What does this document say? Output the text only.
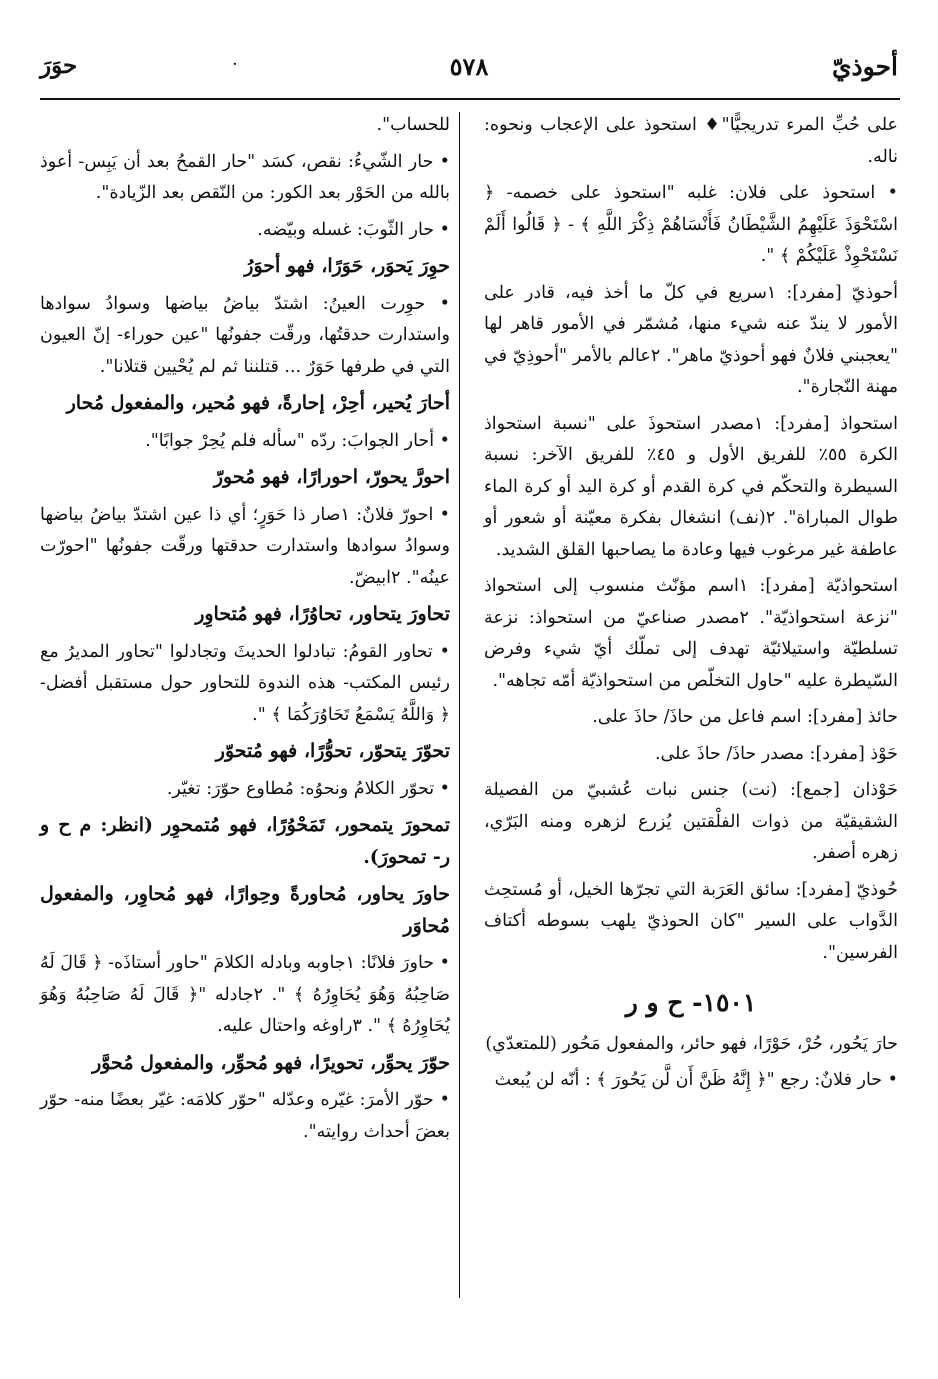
أحوذيّ
٥٧٨
·
حوَرَ

على حُبِّ المرء تدريجيًّا"♦ استحوذ على الإعجاب ونحوه: ناله.

• استحوذ على فلان: غلبه "استحوذ على خصمه- ﴿ اسْتَحْوَذَ عَلَيْهِمُ الشَّيْطَانُ فَأَنْسَاهُمْ ذِكْرَ اللَّهِ ﴾ - ﴿ قَالُوا أَلَمْ نَسْتَحْوِذْ عَلَيْكُمْ ﴾ ".

أحوذيّ [مفرد]: ١سريع في كلّ ما أخذ فيه، قادر على الأمور لا يندّ عنه شيء منها، مُشمّر في الأمور قاهر لها "يعجبني فلانٌ فهو أحوذيّ ماهر". ٢عالم بالأمر "أحوذِيّ في مهنة النّجارة".

استحواذ [مفرد]: ١مصدر استحوذَ على "نسبة استحواذ الكرة ٥٥٪ للفريق الأول و ٤٥٪ للفريق الآخر: نسبة السيطرة والتحكّم في كرة القدم أو كرة اليد أو كرة الماء طوال المباراة". ٢(نف) انشغال بفكرة معيّنة أو شعور أو عاطفة غير مرغوب فيها وعادة ما يصاحبها القلق الشديد.

استحواذيّة [مفرد]: ١اسم مؤنّث منسوب إلى استحواذ "نزعة استحواذيّة". ٢مصدر صناعيّ من استحواذ: نزعة تسلطيّة واستيلائيّة تهدف إلى تملّك أيّ شيء وفرض السّيطرة عليه "حاول التخلّص من استحواذيّة أمّه تجاهه".

حائذ [مفرد]: اسم فاعل من حاذَ/ حاذَ على.

حَوْذ [مفرد]: مصدر حاذَ/ حاذَ على.

حَوْذان [جمع]: (نت) جنس نبات عُشبيّ من الفصيلة الشقيقيّة من ذوات الفلْقتين يُزرع لزهره ومنه البَرّي، زهره أصفر.

حُوذيّ [مفرد]: سائق العَرَبة التي تجرّها الخيل، أو مُستحِث الدَّواب على السير "كان الحوذيّ يلهب بسوطه أكتاف الفرسين".

١٥٠١- ح و ر

حارَ يَحُور، حُرْ، حَوْرًا، فهو حائر، والمفعول مَحُور (للمتعدّي)

• حار فلانٌ: رجع "﴿ إِنَّهُ ظَنَّ أَن لَّن يَحُورَ ﴾ : أنّه لن يُبعث

للحساب".

• حار الشّيءُ: نقص، كسَد "حار القمحُ بعد أن يَبِس- أعوذ بالله من الحَوْر بعد الكور: من النّقص بعد الزّيادة".

• حار الثّوبَ: غسله وبيّضه.

حوِرَ يَحوَر، حَوَرًا، فهو أحوَرُ

• حوِرت العينُ: اشتدّ بياضُ بياضها وسوادُ سوادها واستدارت حدقتُها، ورقّت جفونُها "عين حوراء- إنّ العيون التي في طرفها حَوَرٌ ... قتلننا ثم لم يُحْيين قتلانا".

أحارَ يُحير، أحِرْ، إحارةً، فهو مُحير، والمفعول مُحار

• أحار الجوابَ: ردّه "سأله فلم يُحِرْ جوابًا".

احورَّ يحورّ، احورارًا، فهو مُحورّ

• احورّ فلانٌ: ١صار ذا حَوَرٍ؛ أي ذا عين اشتدّ بياضُ بياضها وسوادُ سوادها واستدارت حدقتها ورقّت جفونُها "احورّت عينُه". ٢ابيضّ.

تحاورَ يتحاور، تحاوُرًا، فهو مُتحاوِر

• تحاور القومُ: تبادلوا الحديثَ وتجادلوا "تحاور المديرُ مع رئيس المكتب- هذه الندوة للتحاور حول مستقبل أفضل- ﴿ وَاللَّهُ يَسْمَعُ تَحَاوُرَكُمَا ﴾ ".

تحوّرَ يتحوّر، تحوُّرًا، فهو مُتحوّر

• تحوّر الكلامُ ونحوُه: مُطاوع حوّرَ: تغيّر.

تمحورَ يتمحور، تَمَحْوُرًا، فهو مُتمحوِر (انظر: م ح و ر- تمحورَ).

حاورَ يحاور، مُحاورةً وحِوارًا، فهو مُحاوِر، والمفعول مُحاوَر

• حاورَ فلانًا: ١جاوبه وبادله الكلامَ "حاور أستاذَه- ﴿ قَالَ لَهُ صَاحِبُهُ وَهُوَ يُحَاوِرُهُ ﴾ ". ٢جادله "﴿ قَالَ لَهُ صَاحِبُهُ وَهُوَ يُحَاوِرُهُ ﴾ ". ٣راوغه واحتال عليه.

حوّرَ يحوِّر، تحويرًا، فهو مُحوِّر، والمفعول مُحوَّر

• حوّر الأمرَ: غيّره وعدّله "حوّر كلامَه: غيّر بعضًا منه- حوّر بعضَ أحداث روايته".
